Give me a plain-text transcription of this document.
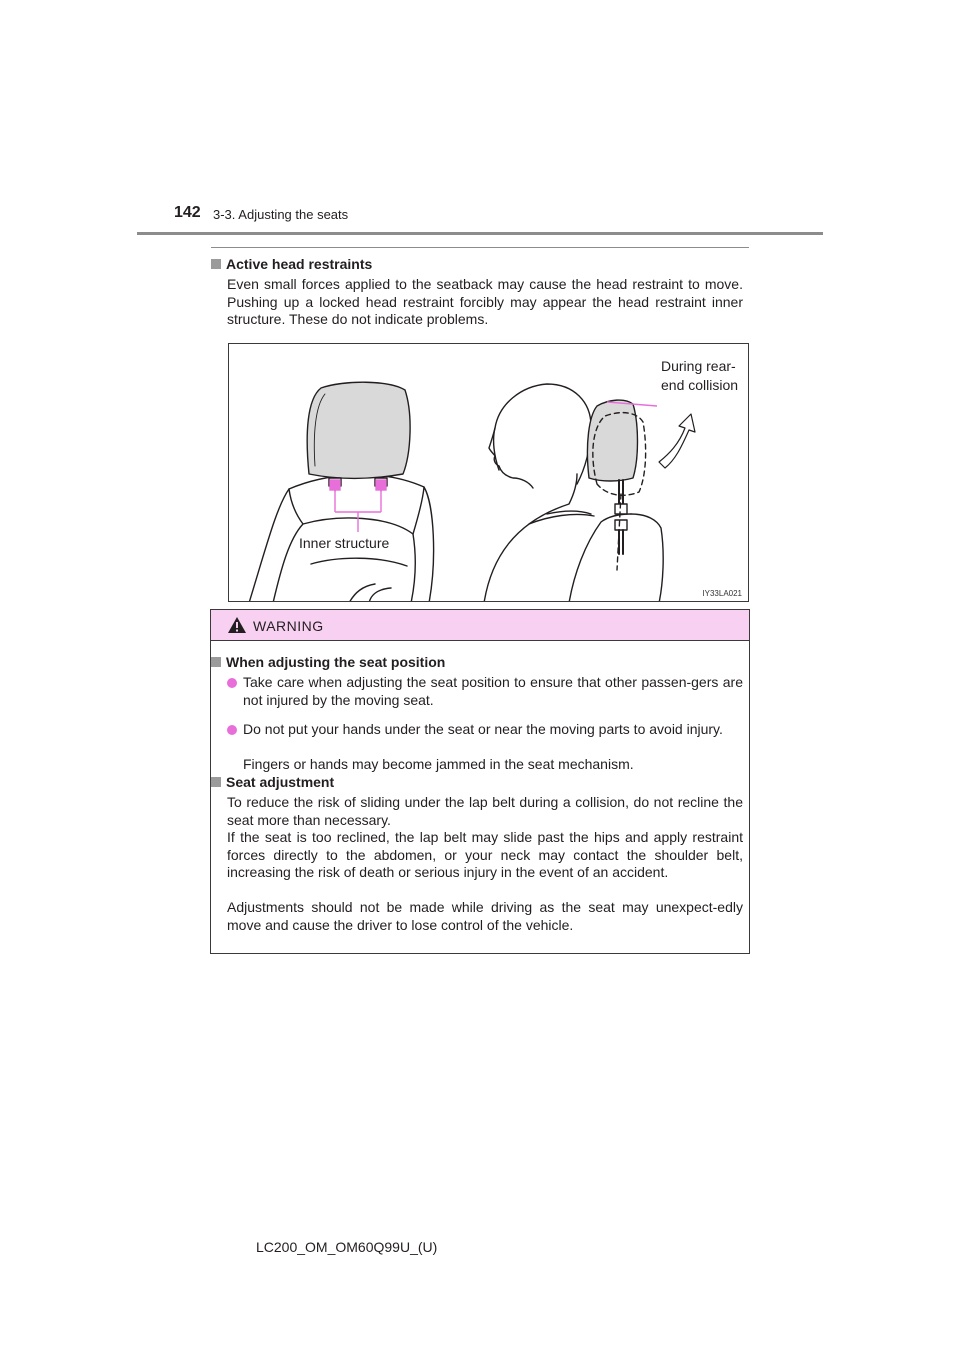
142 3-3. Adjusting the seats
Active head restraints

Even small forces applied to the seatback may cause the head restraint to move. Pushing up a locked head restraint forcibly may appear the head restraint inner structure. These do not indicate problems.

During rear-end collision
Inner structure
IY33LA021
WARNING
When adjusting the seat position

Take care when adjusting the seat position to ensure that other passen-gers are not injured by the moving seat.

Do not put your hands under the seat or near the moving parts to avoid injury.

Fingers or hands may become jammed in the seat mechanism.

Seat adjustment

To reduce the risk of sliding under the lap belt during a collision, do not recline the seat more than necessary.

If the seat is too reclined, the lap belt may slide past the hips and apply restraint forces directly to the abdomen, or your neck may contact the shoulder belt, increasing the risk of death or serious injury in the event of an accident.

Adjustments should not be made while driving as the seat may unexpect-edly move and cause the driver to lose control of the vehicle.

LC200_OM_OM60Q99U_(U)
